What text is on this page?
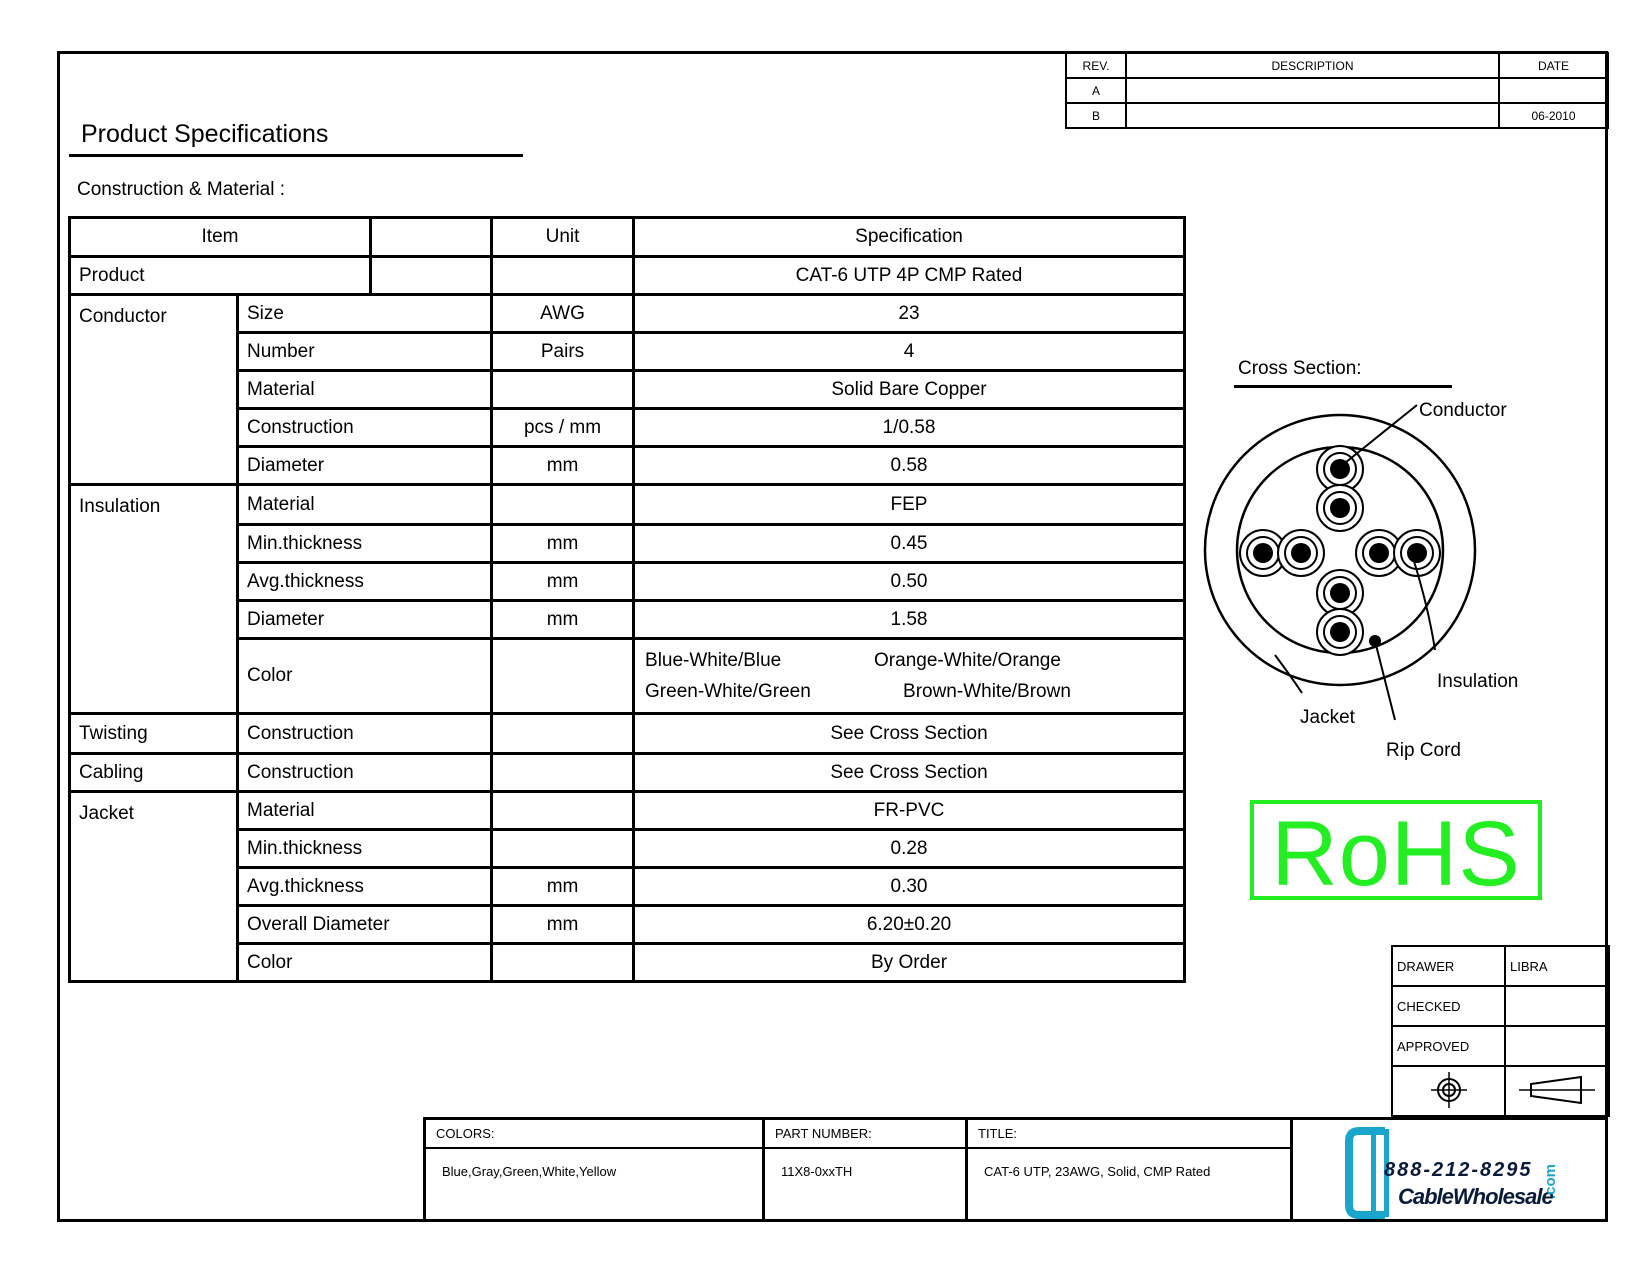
Product Specifications
Construction & Material :
REV.	DESCRIPTION	DATE
A		
B		06-2010
Item			Unit	Specification
Product				CAT-6 UTP 4P CMP Rated
Conductor	Size		AWG	23
	Number		Pairs	4
	Material			Solid Bare Copper
	Construction		pcs / mm	1/0.58
	Diameter		mm	0.58
Insulation	Material			FEP
	Min.thickness		mm	0.45
	Avg.thickness		mm	0.50
	Diameter		mm	1.58
	Color			Blue-White/Blue Orange-White/Orange
Green-White/Green Brown-White/Brown

Twisting	Construction			See Cross Section
Cabling	Construction			See Cross Section
Jacket	Material			FR-PVC
	Min.thickness			0.28
	Avg.thickness		mm	0.30
	Overall Diameter		mm	6.20±0.20
	Color			By Order
Cross Section:
Conductor
Insulation
Jacket
Rip Cord
RoHS
DRAWER	LIBRA
CHECKED	
APPROVED	

COLORS:
Blue,Gray,Green,White,Yellow
PART NUMBER:
11X8-0xxTH
TITLE:
CAT-6 UTP, 23AWG, Solid, CMP Rated	888-212-8295
CableWholesale
.com
